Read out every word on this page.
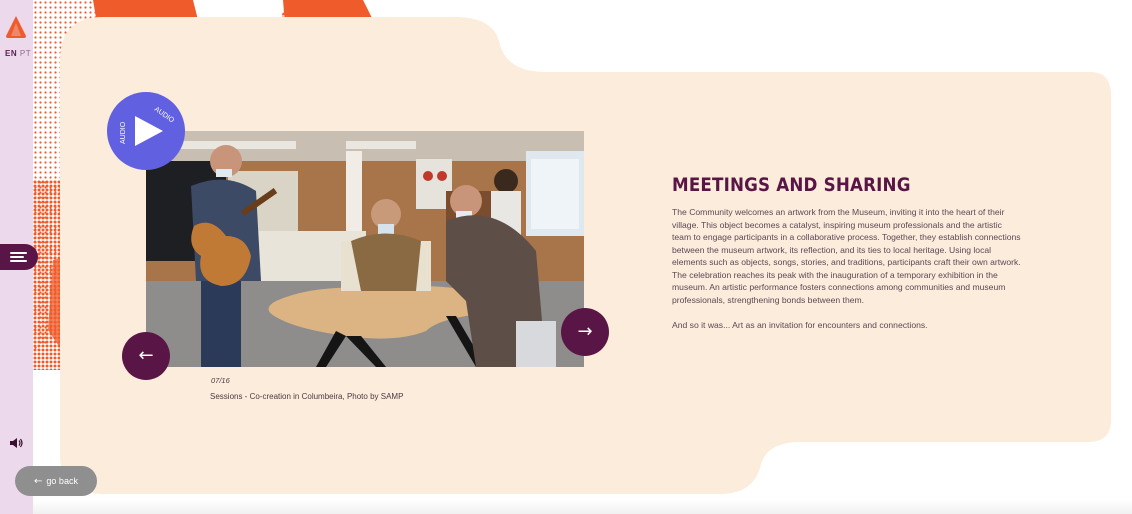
EN PT
AUDIO
AUDIO
←
→
07/16
Sessions - Co-creation in Columbeira, Photo by SAMP
MEETINGS AND SHARING

The Community welcomes an artwork from the Museum, inviting it into the heart of their village. This object becomes a catalyst, inspiring museum professionals and the artistic team to engage participants in a collaborative process. Together, they establish connections between the museum artwork, its reflection, and its ties to local heritage. Using local elements such as objects, songs, stories, and traditions, participants craft their own artwork. The celebration reaches its peak with the inauguration of a temporary exhibition in the museum. An artistic performance fosters connections among communities and museum professionals, strengthening bonds between them.

And so it was... Art as an invitation for encounters and connections.

← go back
